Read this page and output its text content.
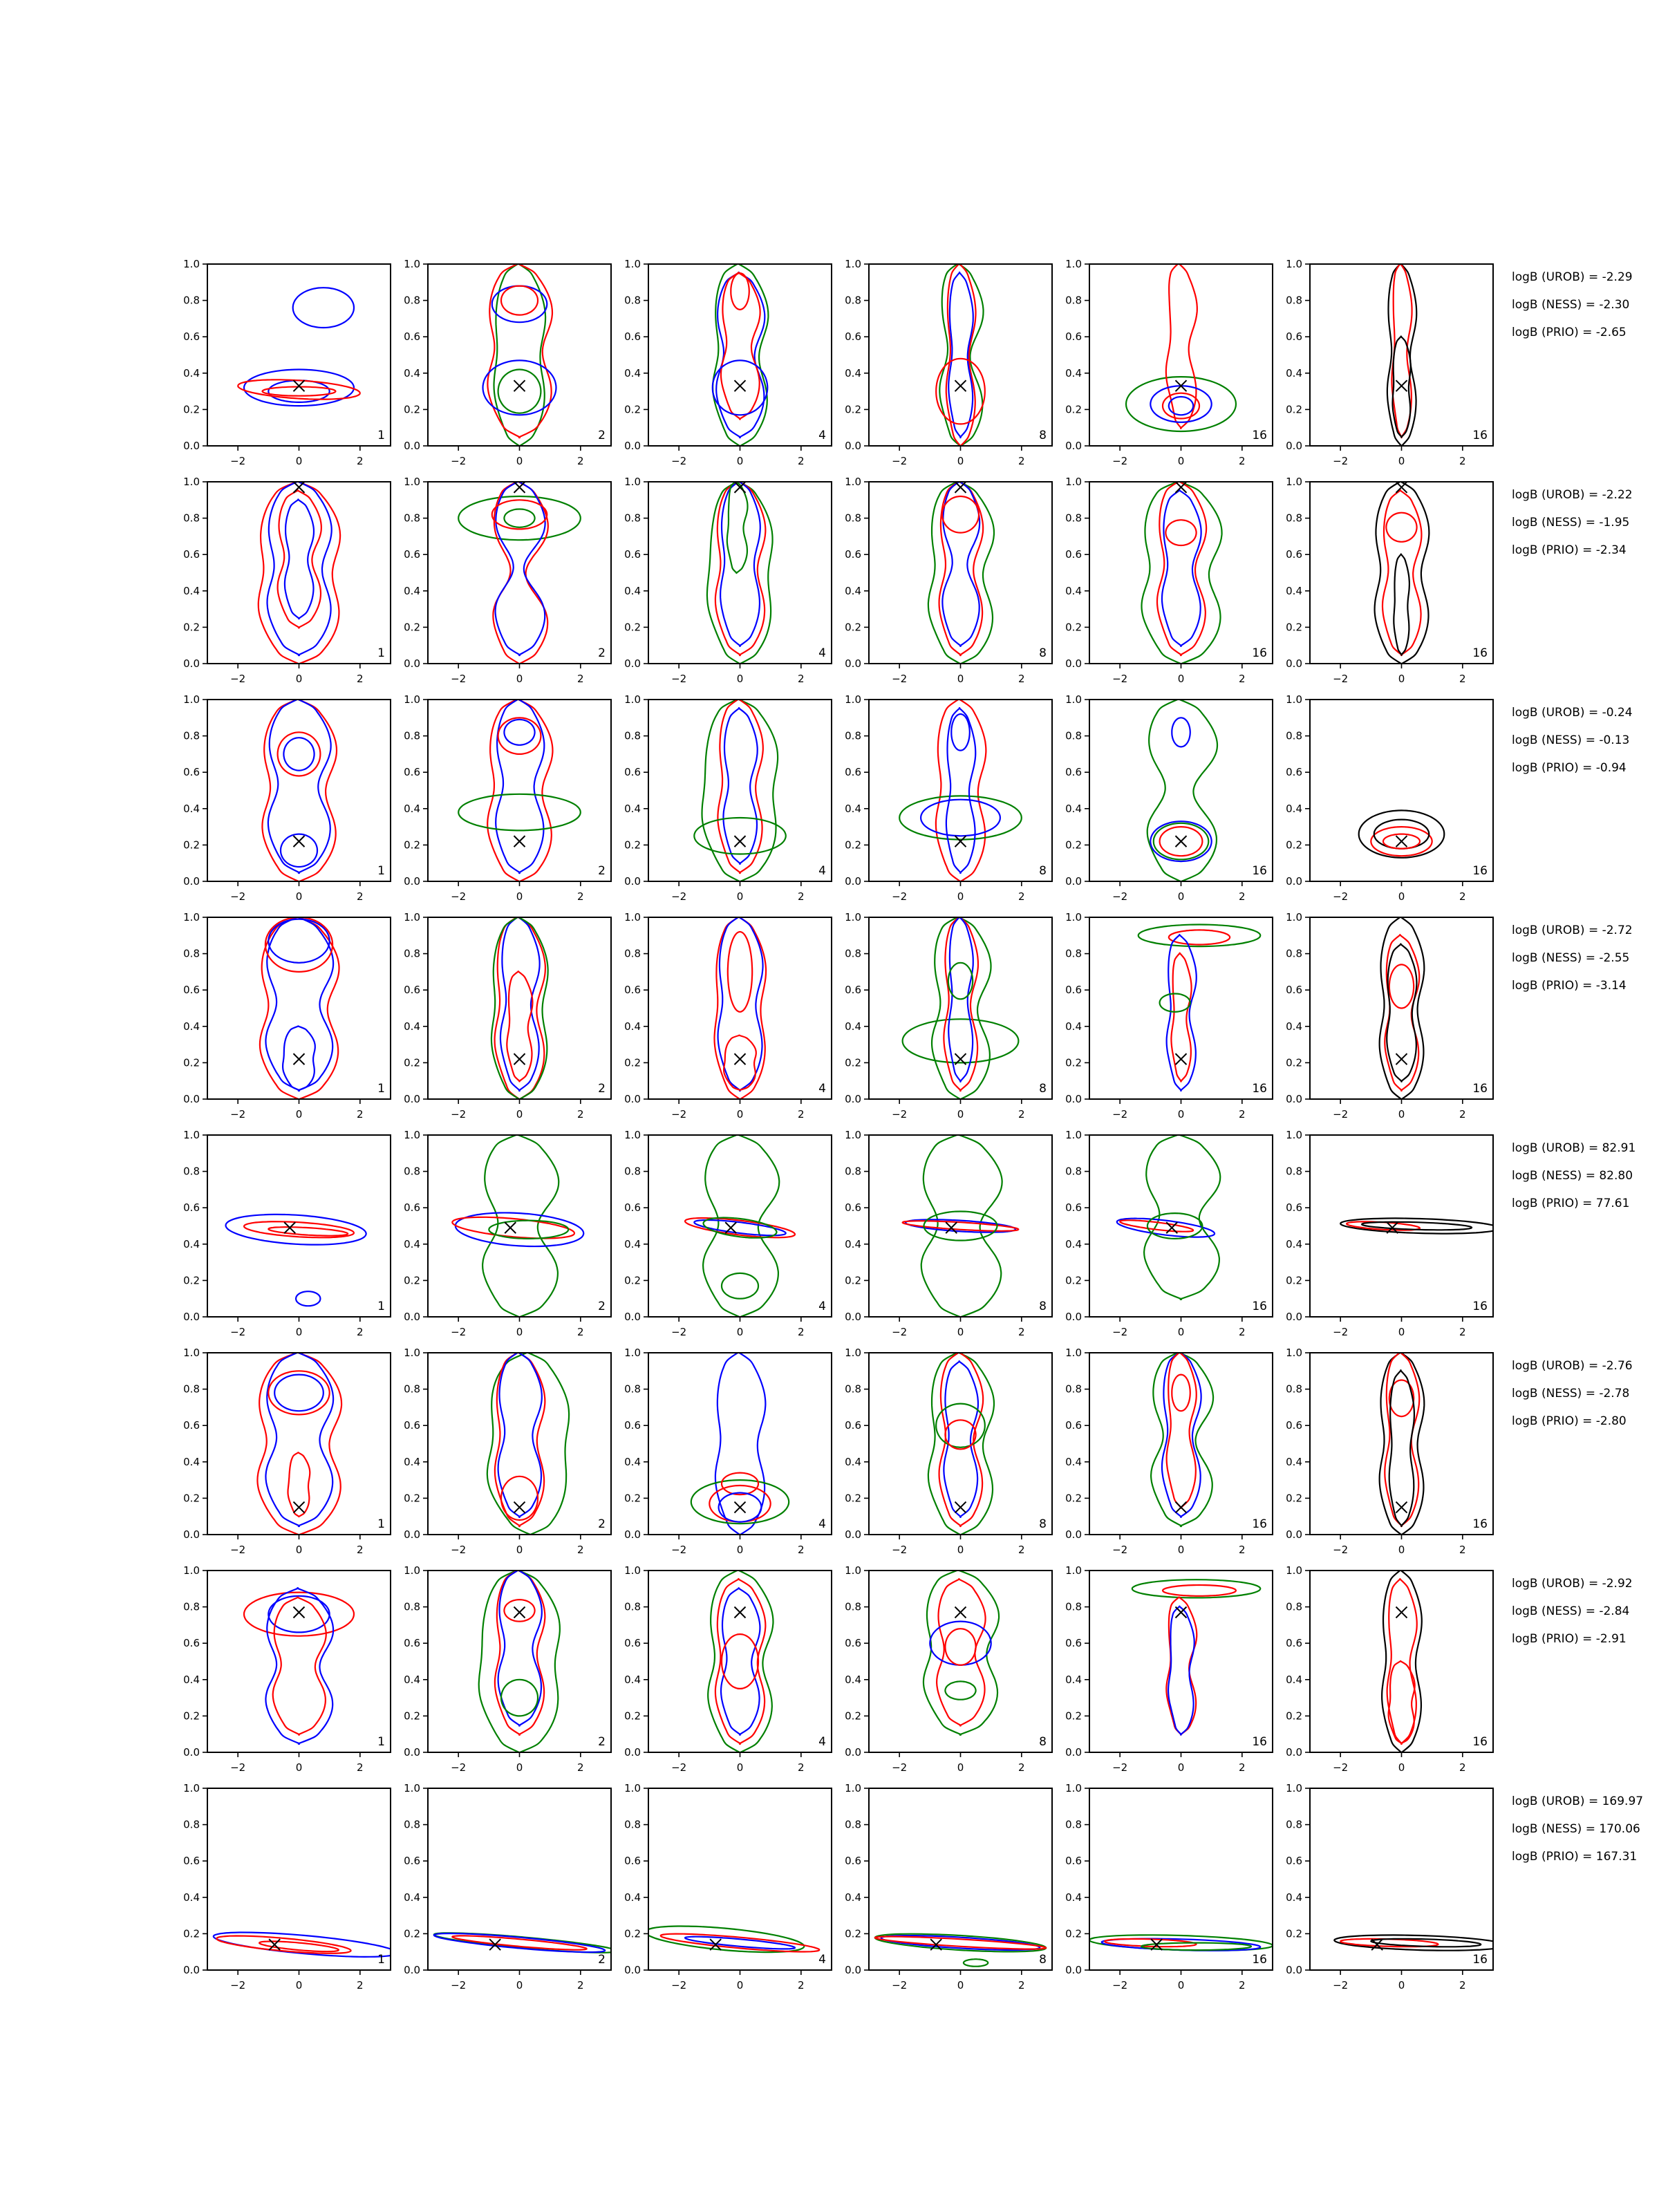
−2	0	2
0.0
0.2
0.4
0.6
0.8
1.0
1
−2	0	2
0.0
0.2
0.4
0.6
0.8
1.0
2
−2	0	2
0.0
0.2
0.4
0.6
0.8
1.0
4
−2	0	2
0.0
0.2
0.4
0.6
0.8
1.0
8
−2	0	2
0.0
0.2
0.4
0.6
0.8
1.0
16
−2	0	2
0.0
0.2
0.4
0.6
0.8
1.0
16
logB (UROB) = -2.29
logB (NESS) = -2.30
logB (PRIO) = -2.65
−2	0	2
0.0
0.2
0.4
0.6
0.8
1.0
1
−2	0	2
0.0
0.2
0.4
0.6
0.8
1.0
2
−2	0	2
0.0
0.2
0.4
0.6
0.8
1.0
4
−2	0	2
0.0
0.2
0.4
0.6
0.8
1.0
8
−2	0	2
0.0
0.2
0.4
0.6
0.8
1.0
16
−2	0	2
0.0
0.2
0.4
0.6
0.8
1.0
16
logB (UROB) = -2.22
logB (NESS) = -1.95
logB (PRIO) = -2.34
−2	0	2
0.0
0.2
0.4
0.6
0.8
1.0
1
−2	0	2
0.0
0.2
0.4
0.6
0.8
1.0
2
−2	0	2
0.0
0.2
0.4
0.6
0.8
1.0
4
−2	0	2
0.0
0.2
0.4
0.6
0.8
1.0
8
−2	0	2
0.0
0.2
0.4
0.6
0.8
1.0
16
−2	0	2
0.0
0.2
0.4
0.6
0.8
1.0
16
logB (UROB) = -0.24
logB (NESS) = -0.13
logB (PRIO) = -0.94
−2	0	2
0.0
0.2
0.4
0.6
0.8
1.0
1
−2	0	2
0.0
0.2
0.4
0.6
0.8
1.0
2
−2	0	2
0.0
0.2
0.4
0.6
0.8
1.0
4
−2	0	2
0.0
0.2
0.4
0.6
0.8
1.0
8
−2	0	2
0.0
0.2
0.4
0.6
0.8
1.0
16
−2	0	2
0.0
0.2
0.4
0.6
0.8
1.0
16
logB (UROB) = -2.72
logB (NESS) = -2.55
logB (PRIO) = -3.14
−2	0	2
0.0
0.2
0.4
0.6
0.8
1.0
1
−2	0	2
0.0
0.2
0.4
0.6
0.8
1.0
2
−2	0	2
0.0
0.2
0.4
0.6
0.8
1.0
4
−2	0	2
0.0
0.2
0.4
0.6
0.8
1.0
8
−2	0	2
0.0
0.2
0.4
0.6
0.8
1.0
16
−2	0	2
0.0
0.2
0.4
0.6
0.8
1.0
16
logB (UROB) = 82.91
logB (NESS) = 82.80
logB (PRIO) = 77.61
−2	0	2
0.0
0.2
0.4
0.6
0.8
1.0
1
−2	0	2
0.0
0.2
0.4
0.6
0.8
1.0
2
−2	0	2
0.0
0.2
0.4
0.6
0.8
1.0
4
−2	0	2
0.0
0.2
0.4
0.6
0.8
1.0
8
−2	0	2
0.0
0.2
0.4
0.6
0.8
1.0
16
−2	0	2
0.0
0.2
0.4
0.6
0.8
1.0
16
logB (UROB) = -2.76
logB (NESS) = -2.78
logB (PRIO) = -2.80
−2	0	2
0.0
0.2
0.4
0.6
0.8
1.0
1
−2	0	2
0.0
0.2
0.4
0.6
0.8
1.0
2
−2	0	2
0.0
0.2
0.4
0.6
0.8
1.0
4
−2	0	2
0.0
0.2
0.4
0.6
0.8
1.0
8
−2	0	2
0.0
0.2
0.4
0.6
0.8
1.0
16
−2	0	2
0.0
0.2
0.4
0.6
0.8
1.0
16
logB (UROB) = -2.92
logB (NESS) = -2.84
logB (PRIO) = -2.91
−2	0	2
0.0
0.2
0.4
0.6
0.8
1.0
1
−2	0	2
0.0
0.2
0.4
0.6
0.8
1.0
2
−2	0	2
0.0
0.2
0.4
0.6
0.8
1.0
4
−2	0	2
0.0
0.2
0.4
0.6
0.8
1.0
8
−2	0	2
0.0
0.2
0.4
0.6
0.8
1.0
16
−2	0	2
0.0
0.2
0.4
0.6
0.8
1.0
16
logB (UROB) = 169.97
logB (NESS) = 170.06
logB (PRIO) = 167.31
